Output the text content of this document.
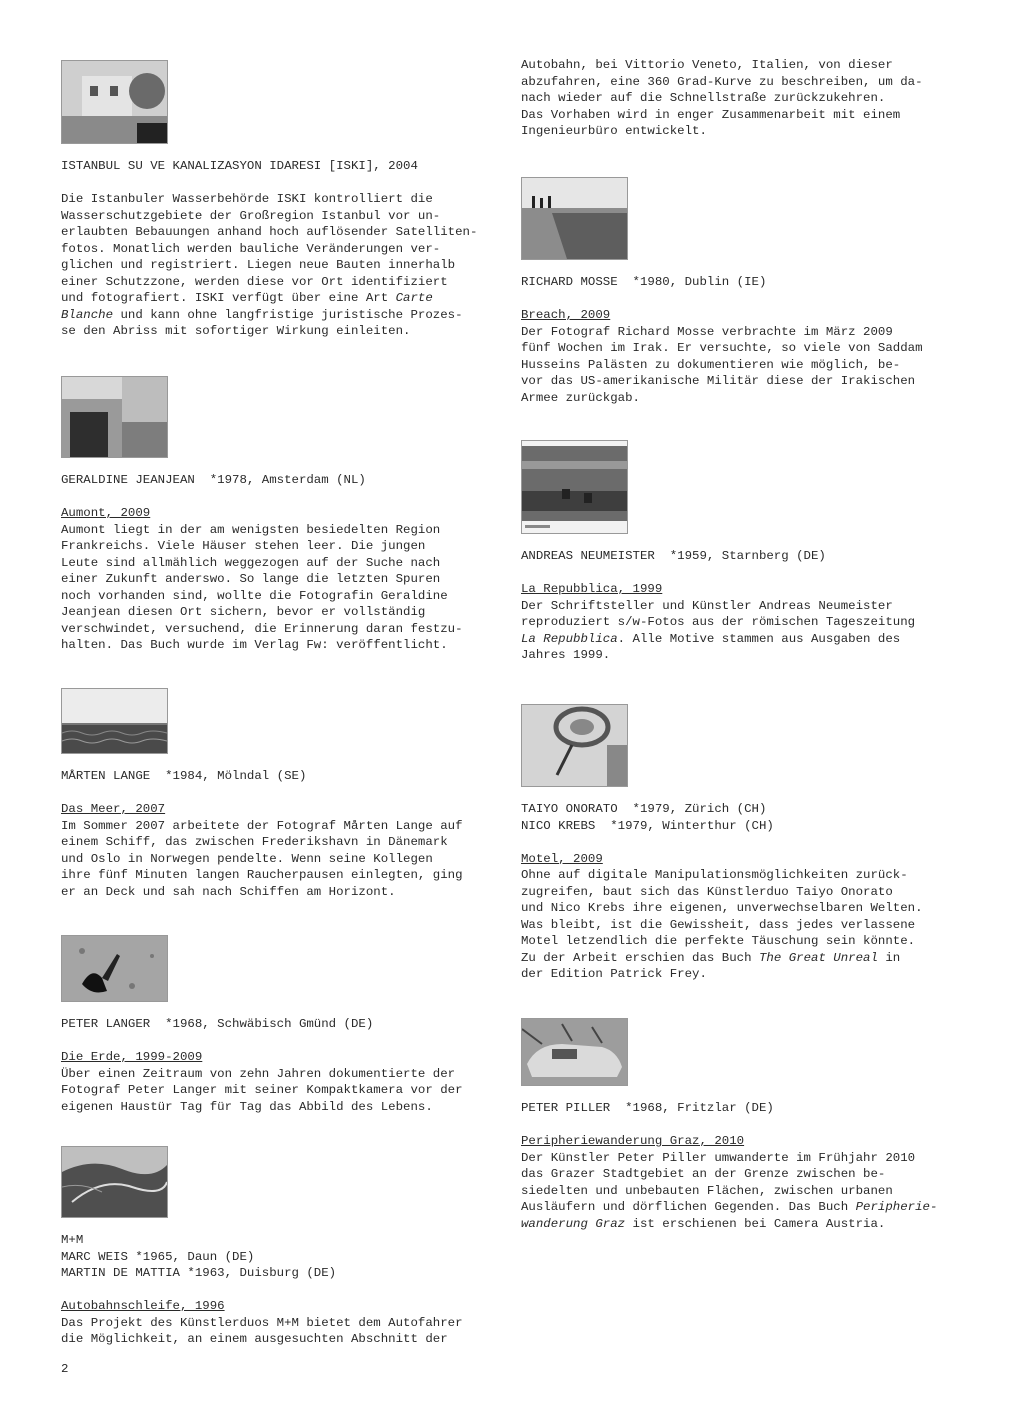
ISTANBUL SU VE KANALIZASYON IDARESI [ISKI], 2004
Die Istanbuler Wasserbehörde ISKI kontrolliert die
Wasserschutzgebiete der Großregion Istanbul vor un-
erlaubten Bebauungen anhand hoch auflösender Satelliten-
fotos. Monatlich werden bauliche Veränderungen ver-
glichen und registriert. Liegen neue Bauten innerhalb
einer Schutzzone, werden diese vor Ort identifiziert
und fotografiert. ISKI verfügt über eine Art Carte
Blanche und kann ohne langfristige juristische Prozes-
se den Abriss mit sofortiger Wirkung einleiten.
GERALDINE JEANJEAN  *1978, Amsterdam (NL)
Aumont, 2009
Aumont liegt in der am wenigsten besiedelten Region
Frankreichs. Viele Häuser stehen leer. Die jungen
Leute sind allmählich weggezogen auf der Suche nach
einer Zukunft anderswo. So lange die letzten Spuren
noch vorhanden sind, wollte die Fotografin Geraldine
Jeanjean diesen Ort sichern, bevor er vollständig
verschwindet, versuchend, die Erinnerung daran festzu-
halten. Das Buch wurde im Verlag Fw: veröffentlicht.
MÅRTEN LANGE  *1984, Mölndal (SE)
Das Meer, 2007
Im Sommer 2007 arbeitete der Fotograf Mårten Lange auf
einem Schiff, das zwischen Frederikshavn in Dänemark
und Oslo in Norwegen pendelte. Wenn seine Kollegen
ihre fünf Minuten langen Raucherpausen einlegten, ging
er an Deck und sah nach Schiffen am Horizont.
PETER LANGER  *1968, Schwäbisch Gmünd (DE)
Die Erde, 1999-2009
Über einen Zeitraum von zehn Jahren dokumentierte der
Fotograf Peter Langer mit seiner Kompaktkamera vor der
eigenen Haustür Tag für Tag das Abbild des Lebens.
M+M
MARC WEIS *1965, Daun (DE)
MARTIN DE MATTIA *1963, Duisburg (DE)
Autobahnschleife, 1996
Das Projekt des Künstlerduos M+M bietet dem Autofahrer
die Möglichkeit, an einem ausgesuchten Abschnitt der
2
Autobahn, bei Vittorio Veneto, Italien, von dieser
abzufahren, eine 360 Grad-Kurve zu beschreiben, um da-
nach wieder auf die Schnellstraße zurückzukehren.
Das Vorhaben wird in enger Zusammenarbeit mit einem
Ingenieurbüro entwickelt.
RICHARD MOSSE  *1980, Dublin (IE)
Breach, 2009
Der Fotograf Richard Mosse verbrachte im März 2009
fünf Wochen im Irak. Er versuchte, so viele von Saddam
Husseins Palästen zu dokumentieren wie möglich, be-
vor das US-amerikanische Militär diese der Irakischen
Armee zurückgab.
ANDREAS NEUMEISTER  *1959, Starnberg (DE)
La Repubblica, 1999
Der Schriftsteller und Künstler Andreas Neumeister
reproduziert s/w-Fotos aus der römischen Tageszeitung
La Repubblica. Alle Motive stammen aus Ausgaben des
Jahres 1999.
TAIYO ONORATO  *1979, Zürich (CH)
NICO KREBS  *1979, Winterthur (CH)
Motel, 2009
Ohne auf digitale Manipulationsmöglichkeiten zurück-
zugreifen, baut sich das Künstlerduo Taiyo Onorato
und Nico Krebs ihre eigenen, unverwechselbaren Welten.
Was bleibt, ist die Gewissheit, dass jedes verlassene
Motel letzendlich die perfekte Täuschung sein könnte.
Zu der Arbeit erschien das Buch The Great Unreal in
der Edition Patrick Frey.
PETER PILLER  *1968, Fritzlar (DE)
Peripheriewanderung Graz, 2010
Der Künstler Peter Piller umwanderte im Frühjahr 2010
das Grazer Stadtgebiet an der Grenze zwischen be-
siedelten und unbebauten Flächen, zwischen urbanen
Ausläufern und dörflichen Gegenden. Das Buch Peripherie-
wanderung Graz ist erschienen bei Camera Austria.
